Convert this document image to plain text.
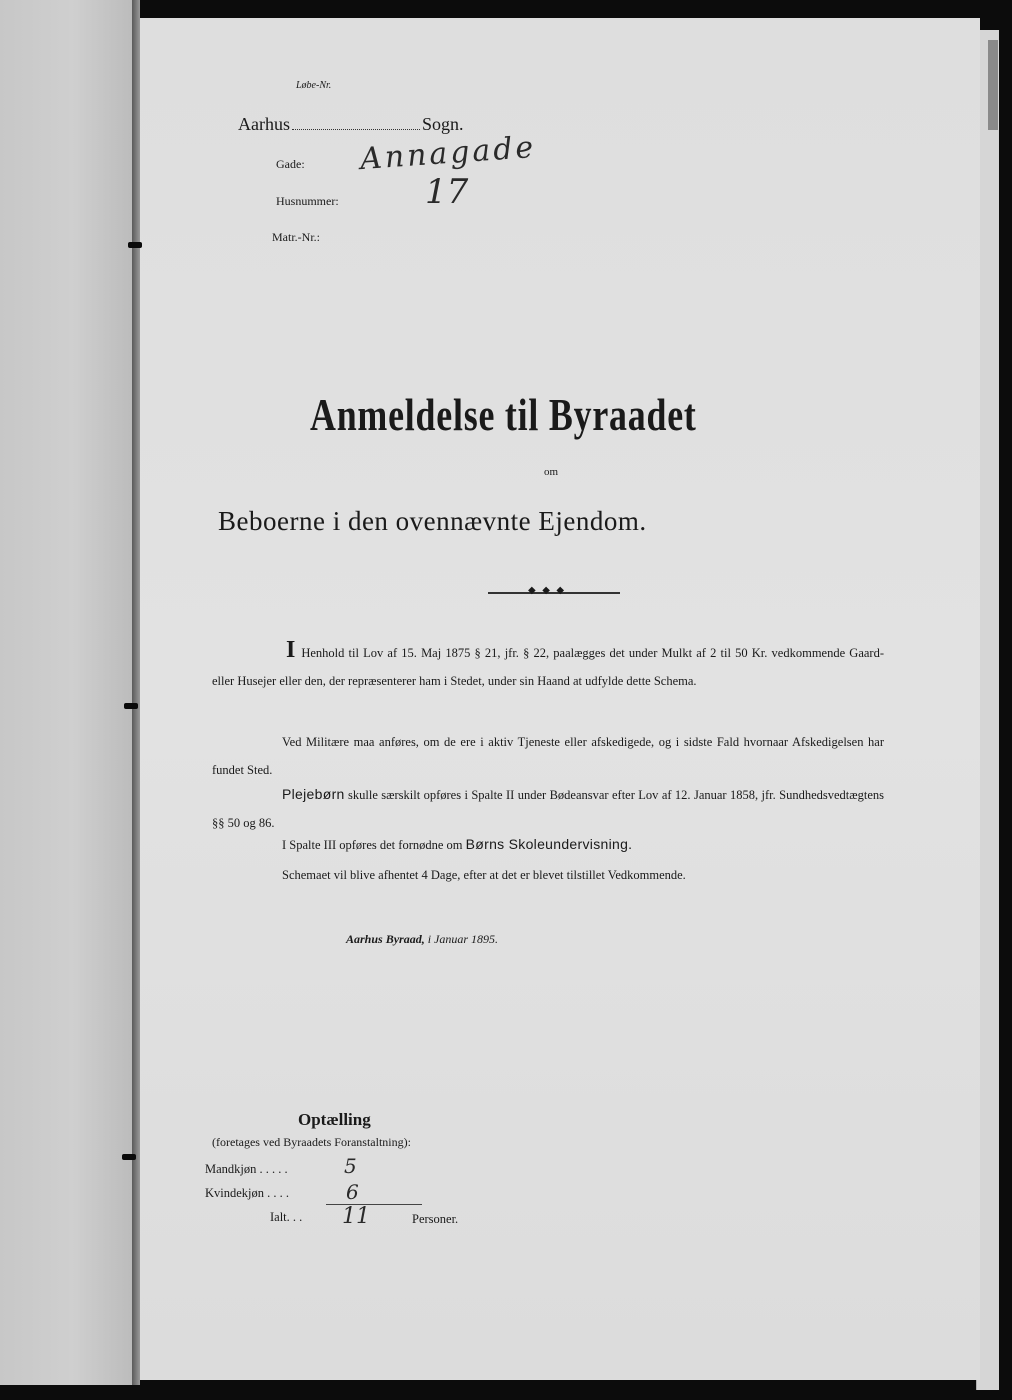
Løbe-Nr.
Aarhus	Sogn.
Gade: Annagade
Husnummer:	17
Matr.-Nr.:
Anmeldelse til Byraadet
om
Beboerne i den ovennævnte Ejendom.
◆ ◆ ◆
I Henhold til Lov af 15. Maj 1875 § 21, jfr. § 22, paalægges det under Mulkt af 2 til 50 Kr. vedkommende Gaard- eller Husejer eller den, der repræsenterer ham i Stedet, under sin Haand at udfylde dette Schema.
Ved Militære maa anføres, om de ere i aktiv Tjeneste eller afskedigede, og i sidste Fald hvornaar Afskedigelsen har fundet Sted.
Plejebørn skulle særskilt opføres i Spalte II under Bødeansvar efter Lov af 12. Januar 1858, jfr. Sundhedsvedtægtens §§ 50 og 86.
I Spalte III opføres det fornødne om Børns Skoleundervisning.
Schemaet vil blive afhentet 4 Dage, efter at det er blevet tilstillet Vedkommende.
Aarhus Byraad, i Januar 1895.
Optælling
(foretages ved Byraadets Foranstaltning):
Mandkjøn . . . . .	5
Kvindekjøn . . . .	6
Ialt. . . 11	Personer.
